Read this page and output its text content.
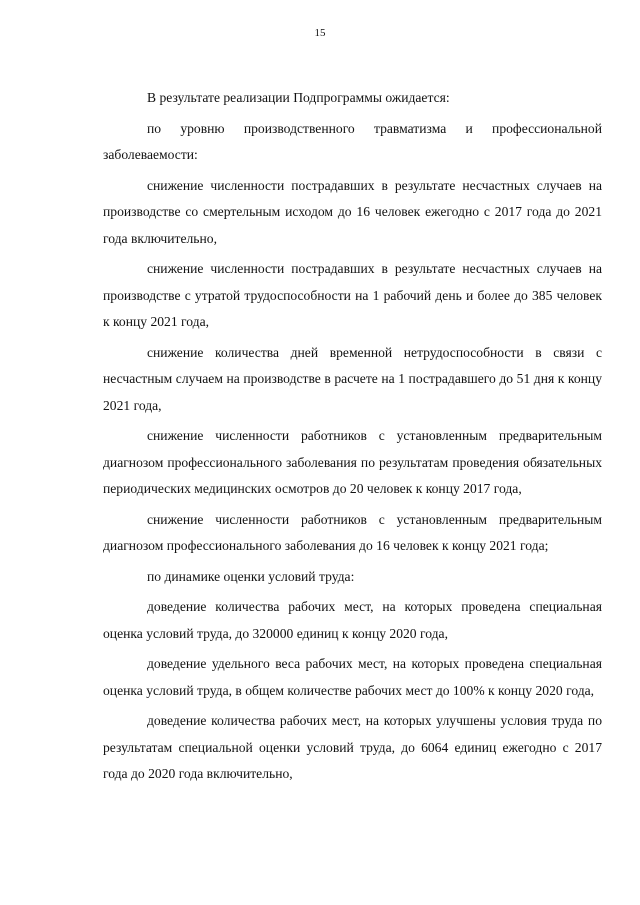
15

В результате реализации Подпрограммы ожидается:

по уровню производственного травматизма и профессиональной заболеваемости:

снижение численности пострадавших в результате несчастных случаев на производстве со смертельным исходом до 16 человек ежегодно с 2017 года до 2021 года включительно,

снижение численности пострадавших в результате несчастных случаев на производстве с утратой трудоспособности на 1 рабочий день и более до 385 человек к концу 2021 года,

снижение количества дней временной нетрудоспособности в связи с несчастным случаем на производстве в расчете на 1 пострадавшего до 51 дня к концу 2021 года,

снижение численности работников с установленным предварительным диагнозом профессионального заболевания по результатам проведения обязательных периодических медицинских осмотров до 20 человек к концу 2017 года,

снижение численности работников с установленным предварительным диагнозом профессионального заболевания до 16 человек к концу 2021 года;

по динамике оценки условий труда:

доведение количества рабочих мест, на которых проведена специальная оценка условий труда, до 320000 единиц к концу 2020 года,

доведение удельного веса рабочих мест, на которых проведена специальная оценка условий труда, в общем количестве рабочих мест до 100% к концу 2020 года,

доведение количества рабочих мест, на которых улучшены условия труда по результатам специальной оценки условий труда, до 6064 единиц ежегодно с 2017 года до 2020 года включительно,
